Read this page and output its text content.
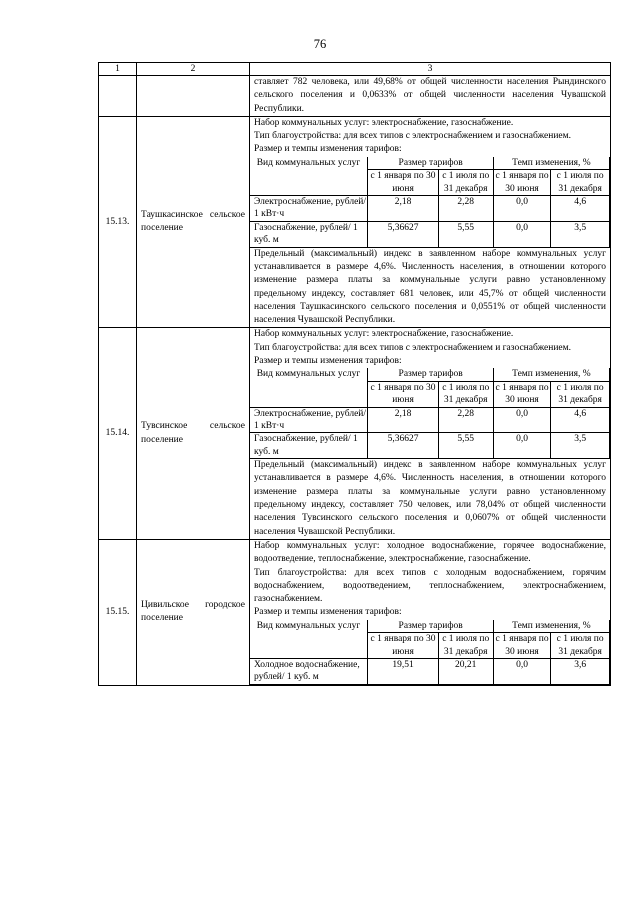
76
1	2	3

ставляет 782 человека, или 49,68% от общей численности населения Рындинского сельского поселения и 0,0633% от общей численности населения Чувашской Республики.

15.13.	Таушкасинское сельское поселение	
Набор коммунальных услуг: электроснабжение, газоснабжение.
Тип благоустройства: для всех типов с электроснабжением и газоснабжением.
Размер и темпы изменения тарифов:
Вид коммунальных услуг	Размер тарифов	Темп изменения, %
с 1 января по 30 июня	с 1 июля по 31 декабря	с 1 января по 30 июня	с 1 июля по 31 декабря
Электроснабжение, рублей/ 1 кВт·ч	2,18	2,28	0,0	4,6
Газоснабжение, рублей/ 1 куб. м	5,36627	5,55	0,0	3,5
Предельный (максимальный) индекс в заявленном наборе коммунальных услуг устанавливается в размере 4,6%. Численность населения, в отношении которого изменение размера платы за коммунальные услуги равно установленному предельному индексу, составляет 681 человек, или 45,7% от общей численности населения Таушкасинского сельского поселения и 0,0551% от общей численности населения Чувашской Республики.

15.14.	Тувсинское сельское поселение	
Набор коммунальных услуг: электроснабжение, газоснабжение.
Тип благоустройства: для всех типов с электроснабжением и газоснабжением.
Размер и темпы изменения тарифов:
Вид коммунальных услуг	Размер тарифов	Темп изменения, %
с 1 января по 30 июня	с 1 июля по 31 декабря	с 1 января по 30 июня	с 1 июля по 31 декабря
Электроснабжение, рублей/ 1 кВт·ч	2,18	2,28	0,0	4,6
Газоснабжение, рублей/ 1 куб. м	5,36627	5,55	0,0	3,5
Предельный (максимальный) индекс в заявленном наборе коммунальных услуг устанавливается в размере 4,6%. Численность населения, в отношении которого изменение размера платы за коммунальные услуги равно установленному предельному индексу, составляет 750 человек, или 78,04% от общей численности населения Тувсинского сельского поселения и 0,0607% от общей численности населения Чувашской Республики.

15.15.	Цивильское городское поселение	
Набор коммунальных услуг: холодное водоснабжение, горячее водоснабжение, водоотведение, теплоснабжение, электроснабжение, газоснабжение.
Тип благоустройства: для всех типов с холодным водоснабжением, горячим водоснабжением, водоотведением, теплоснабжением, электроснабжением, газоснабжением.
Размер и темпы изменения тарифов:
Вид коммунальных услуг	Размер тарифов	Темп изменения, %
с 1 января по 30 июня	с 1 июля по 31 декабря	с 1 января по 30 июня	с 1 июля по 31 декабря
Холодное водоснабжение, рублей/ 1 куб. м	19,51	20,21	0,0	3,6
